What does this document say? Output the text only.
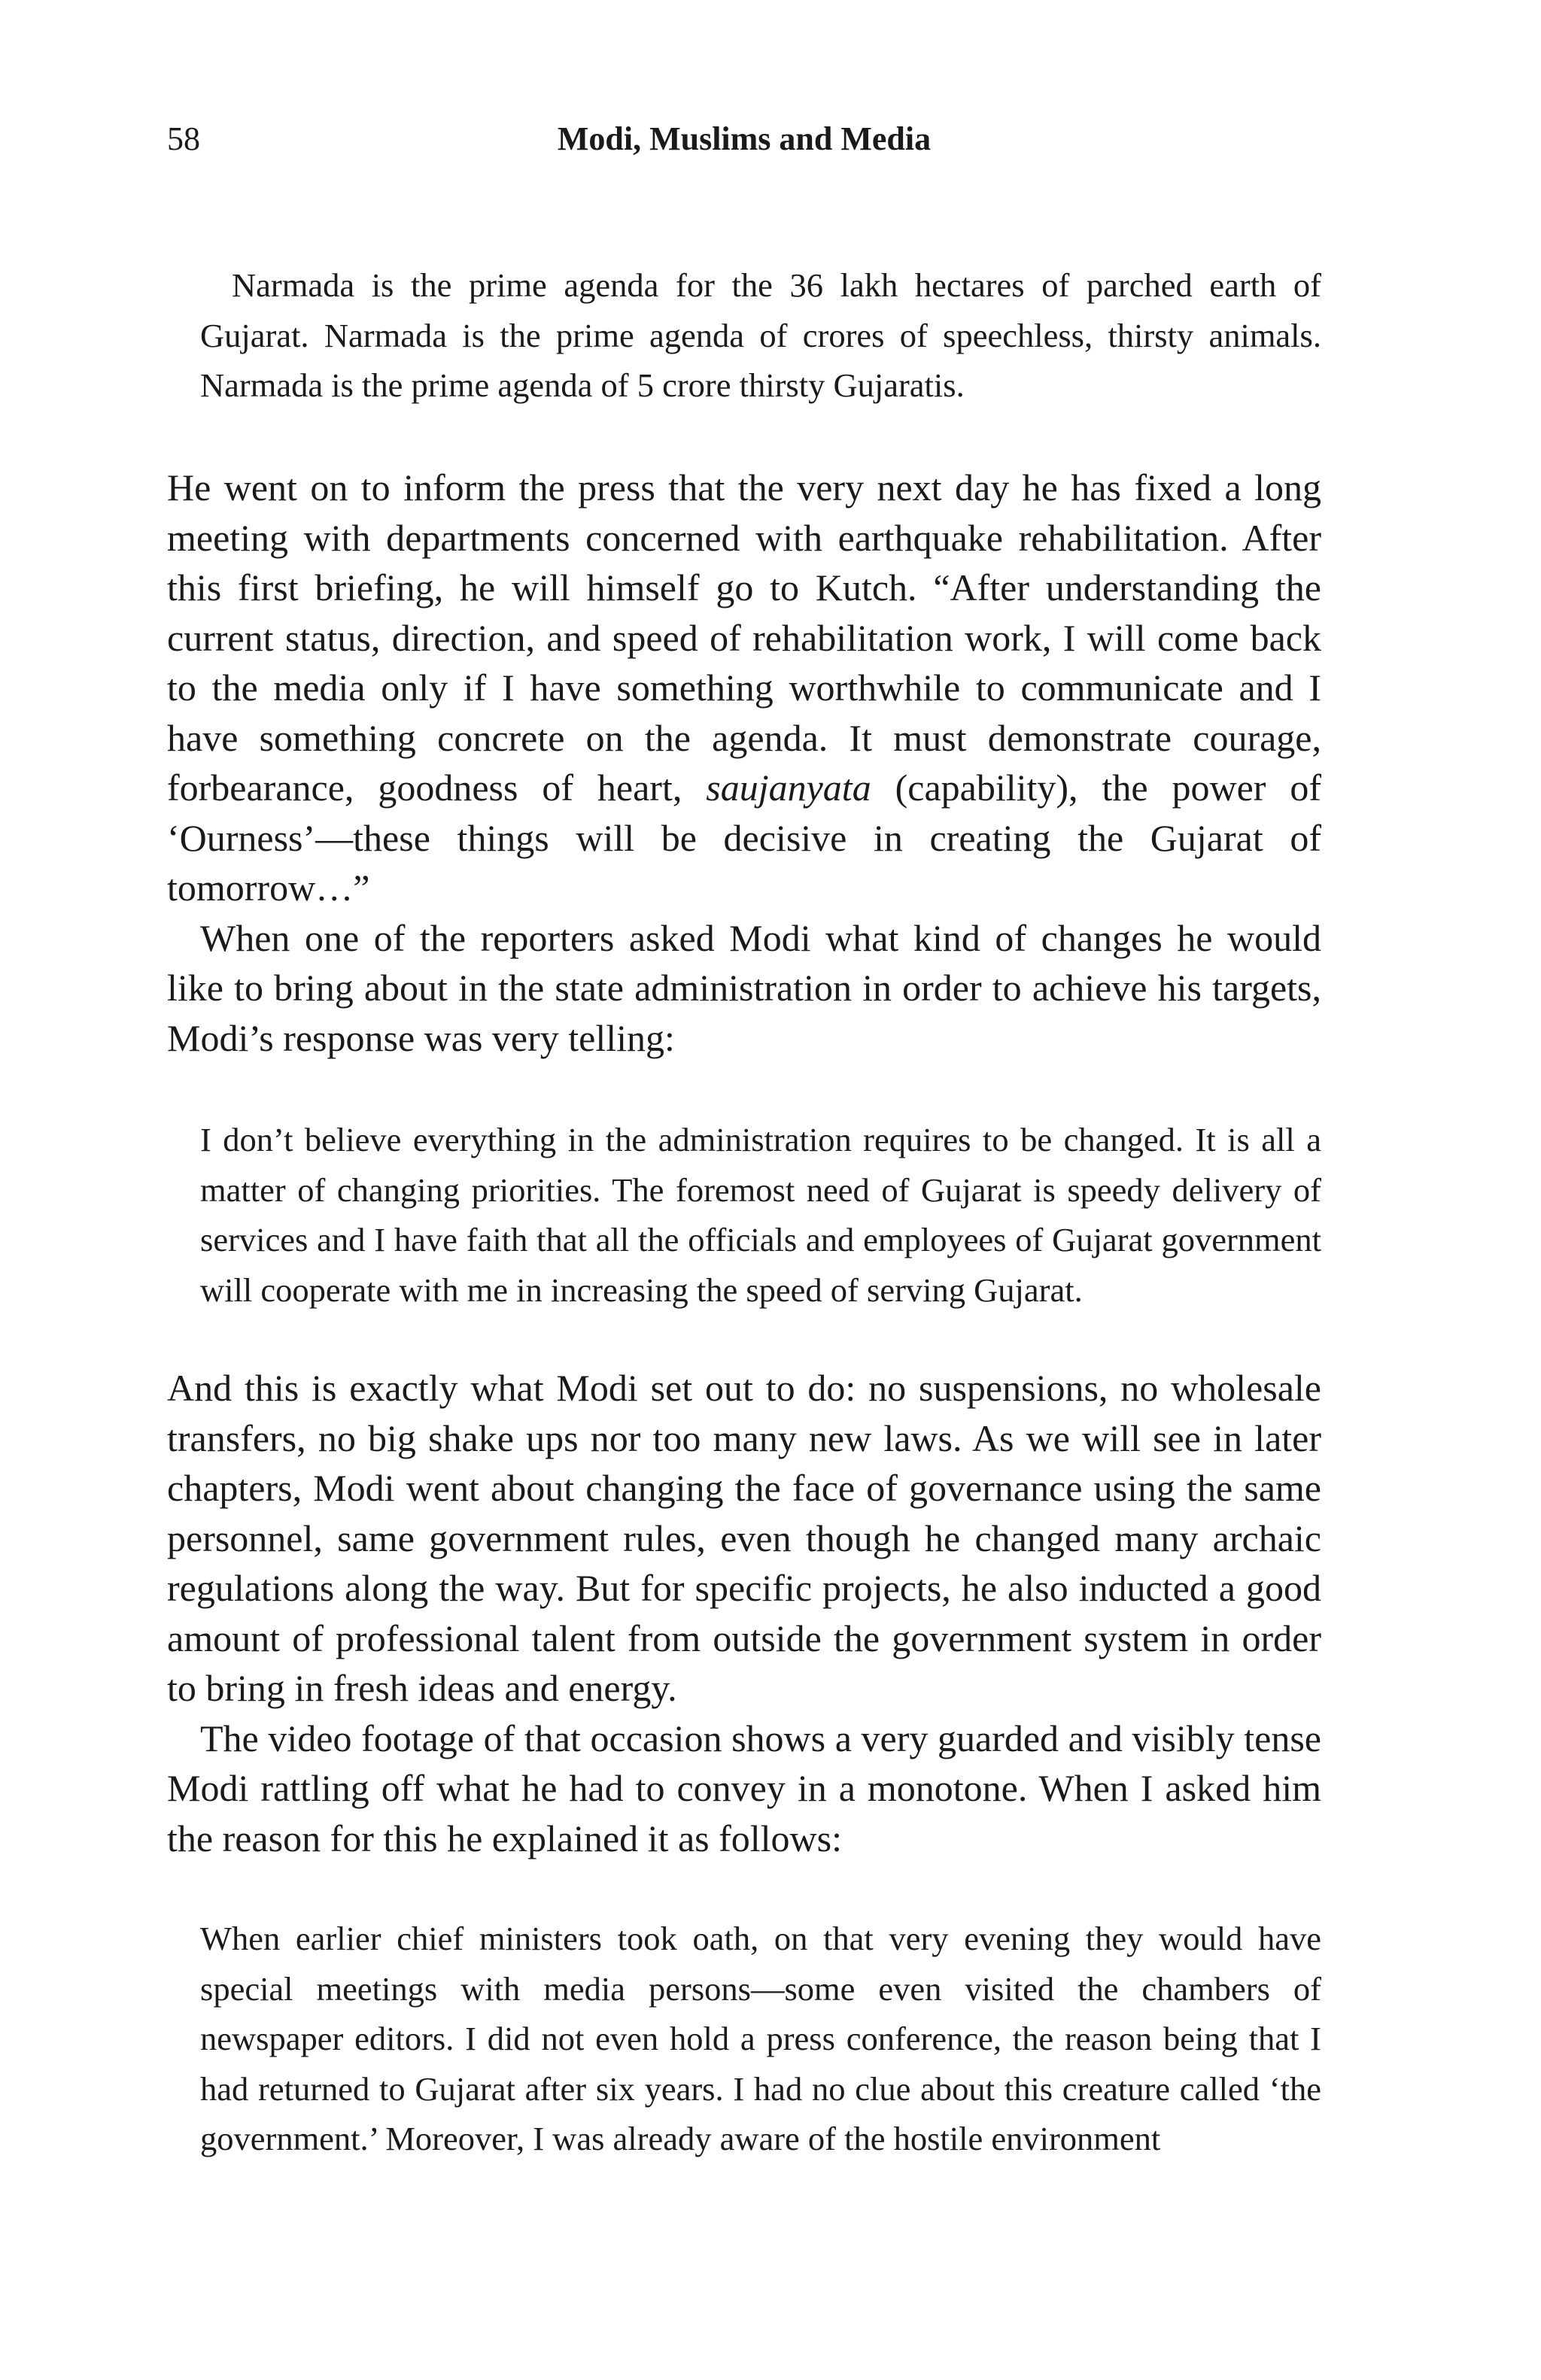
58	Modi, Muslims and Media

Narmada is the prime agenda for the 36 lakh hectares of parched earth of Gujarat. Narmada is the prime agenda of crores of speechless, thirsty animals. Narmada is the prime agenda of 5 crore thirsty Gujaratis.

He went on to inform the press that the very next day he has fixed a long meeting with departments concerned with earthquake rehabilitation. After this first briefing, he will himself go to Kutch. “After understanding the current status, direction, and speed of rehabilitation work, I will come back to the media only if I have something worthwhile to communicate and I have something concrete on the agenda. It must demonstrate courage, forbearance, goodness of heart, saujanyata (capability), the power of ‘Ourness’—these things will be decisive in creating the Gujarat of tomorrow…”

When one of the reporters asked Modi what kind of changes he would like to bring about in the state administration in order to achieve his targets, Modi’s response was very telling:

I don’t believe everything in the administration requires to be changed. It is all a matter of changing priorities. The foremost need of Gujarat is speedy delivery of services and I have faith that all the officials and employees of Gujarat government will cooperate with me in increasing the speed of serving Gujarat.

And this is exactly what Modi set out to do: no suspensions, no wholesale transfers, no big shake ups nor too many new laws. As we will see in later chapters, Modi went about changing the face of governance using the same personnel, same government rules, even though he changed many archaic regulations along the way. But for specific projects, he also inducted a good amount of professional talent from outside the government system in order to bring in fresh ideas and energy.

The video footage of that occasion shows a very guarded and visibly tense Modi rattling off what he had to convey in a monotone. When I asked him the reason for this he explained it as follows:

When earlier chief ministers took oath, on that very evening they would have special meetings with media persons—some even visited the chambers of newspaper editors. I did not even hold a press conference, the reason being that I had returned to Gujarat after six years. I had no clue about this creature called ‘the government.’ Moreover, I was already aware of the hostile environment
